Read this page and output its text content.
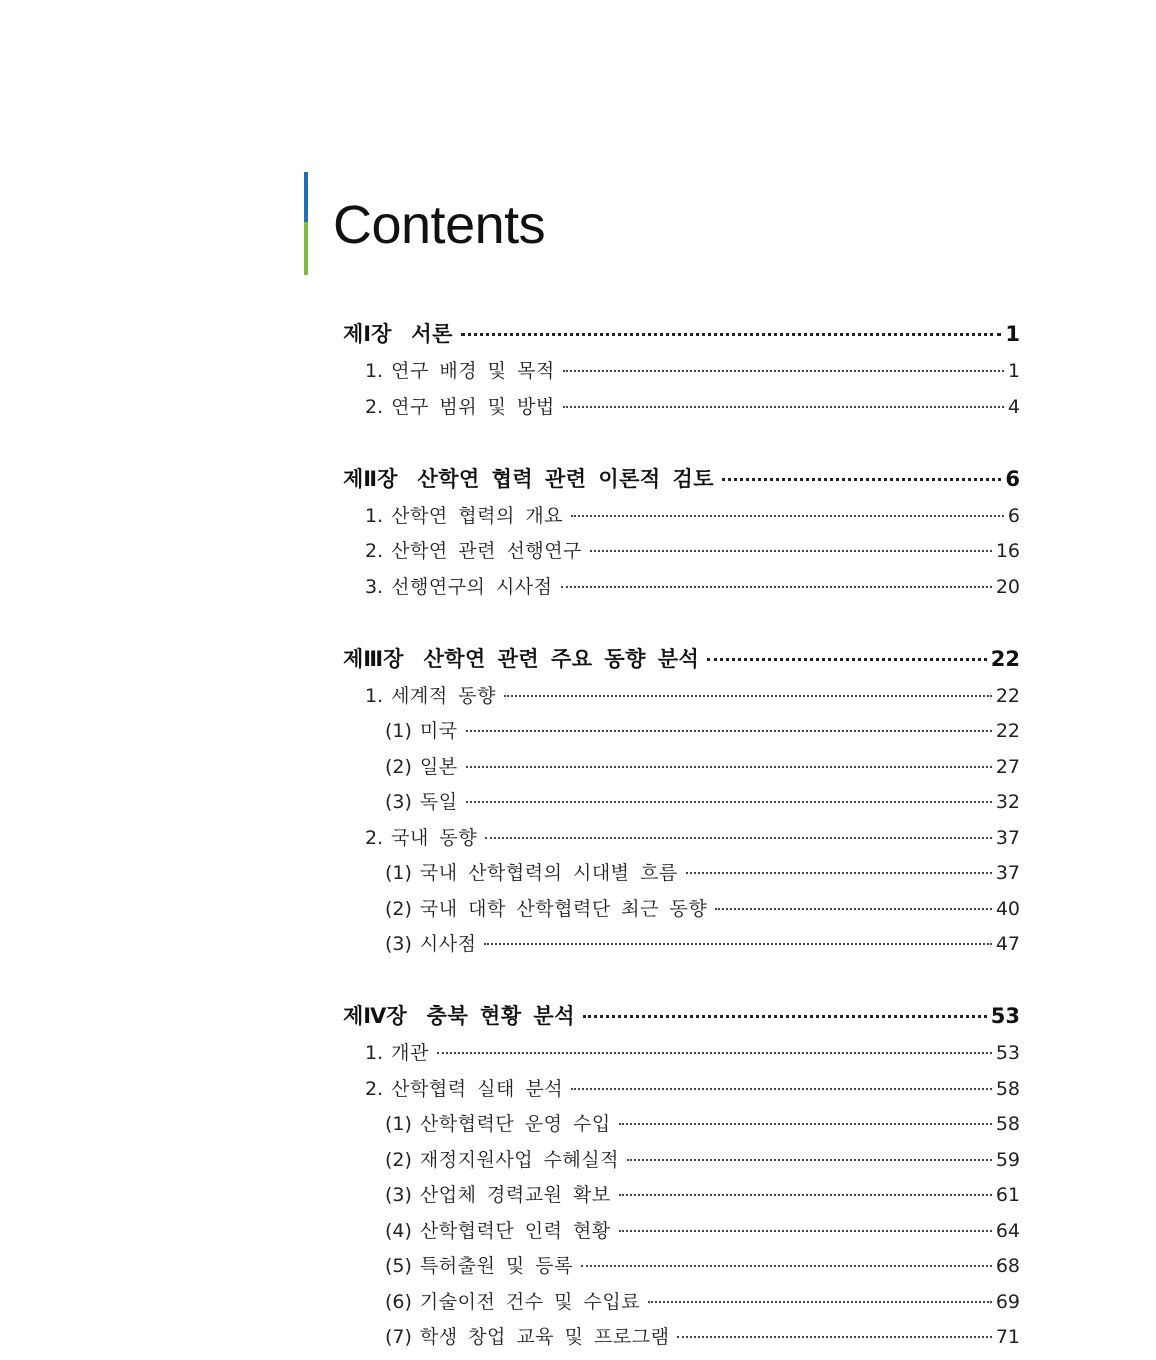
Contents
제Ⅰ장 서론	1
1. 연구 배경 및 목적	1
2. 연구 범위 및 방법	4
제Ⅱ장 산학연 협력 관련 이론적 검토	6
1. 산학연 협력의 개요	6
2. 산학연 관련 선행연구	16
3. 선행연구의 시사점	20
제Ⅲ장 산학연 관련 주요 동향 분석	22
1. 세계적 동향	22
(1) 미국	22
(2) 일본	27
(3) 독일	32
2. 국내 동향	37
(1) 국내 산학협력의 시대별 흐름	37
(2) 국내 대학 산학협력단 최근 동향	40
(3) 시사점	47
제Ⅳ장 충북 현황 분석	53
1. 개관	53
2. 산학협력 실태 분석	58
(1) 산학협력단 운영 수입	58
(2) 재정지원사업 수혜실적	59
(3) 산업체 경력교원 확보	61
(4) 산학협력단 인력 현황	64
(5) 특허출원 및 등록	68
(6) 기술이전 건수 및 수입료	69
(7) 학생 창업 교육 및 프로그램	71
